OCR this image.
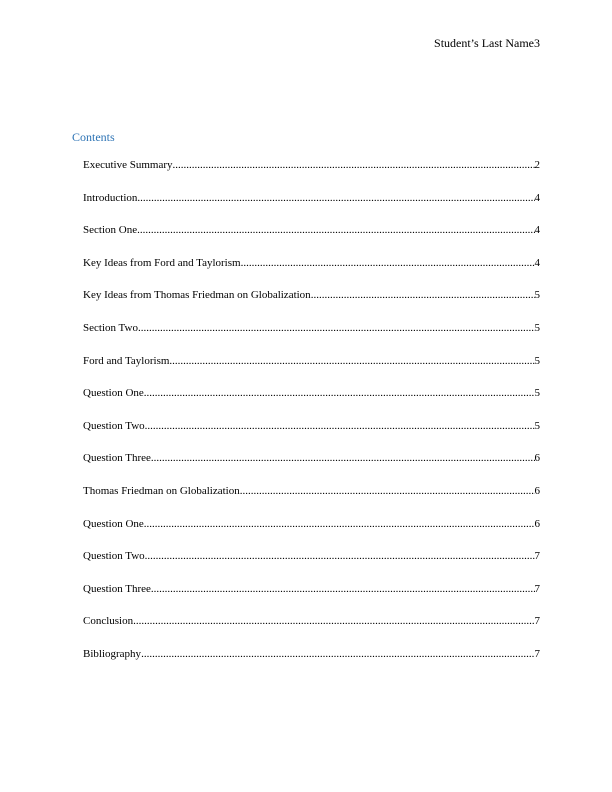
Student’s Last Name3
Contents
Executive Summary .....	2
Introduction .....	4
Section One .....	4
Key Ideas from Ford and Taylorism .....	4
Key Ideas from Thomas Friedman on Globalization .....	5
Section Two .....	5
Ford and Taylorism .....	5
Question One .....	5
Question Two .....	5
Question Three .....	6
Thomas Friedman on Globalization .....	6
Question One .....	6
Question Two .....	7
Question Three .....	7
Conclusion .....	7
Bibliography .....	7
